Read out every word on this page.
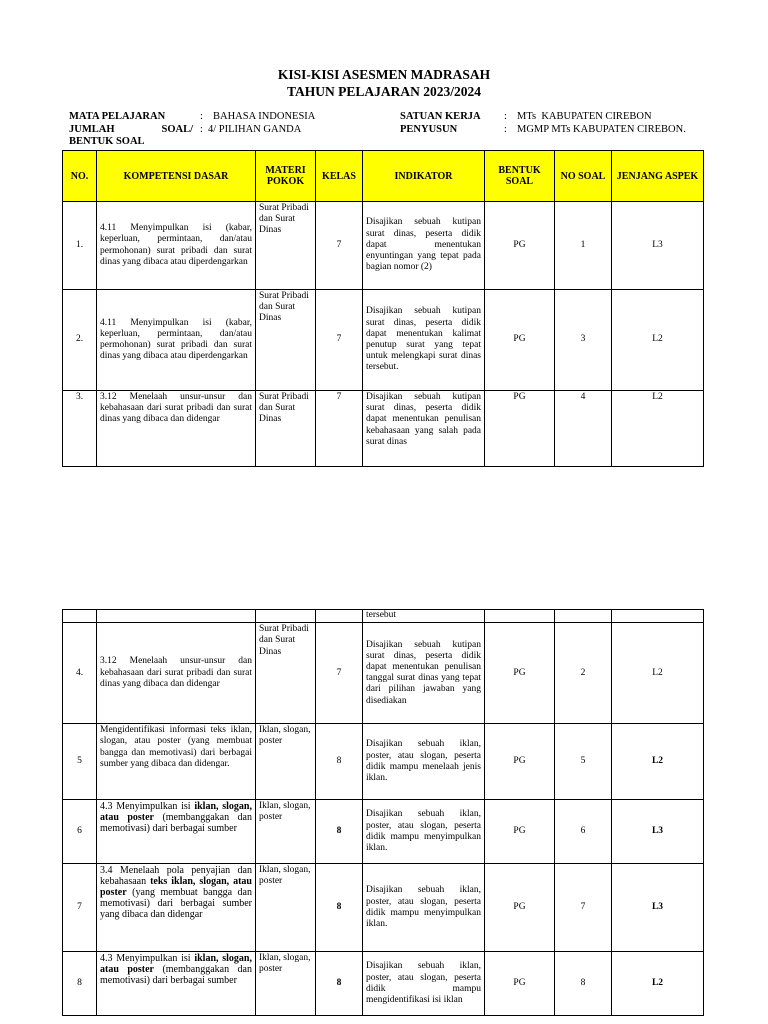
KISI-KISI ASESMEN MADRASAH
TAHUN PELAJARAN 2023/2024
MATA PELAJARAN	: BAHASA INDONESIA
JUMLAH SOAL/ : 4/ PILIHAN GANDA
BENTUK SOAL
SATUAN KERJA : MTs  KABUPATEN CIREBON
PENYUSUN	: MGMP MTs KABUPATEN CIREBON.
NO.	KOMPETENSI DASAR	MATERI POKOK	KELAS	INDIKATOR	BENTUK SOAL	NO SOAL	JENJANG ASPEK
1.	4.11 Menyimpulkan isi (kabar, keperluan, permintaan, dan/atau permohonan) surat pribadi dan surat dinas yang dibaca atau diperdengarkan	Surat Pribadi dan Surat Dinas	7	Disajikan sebuah kutipan surat dinas, peserta didik dapat menentukan enyuntingan yang tepat pada bagian nomor (2)	PG	1	L3
2.	4.11 Menyimpulkan isi (kabar, keperluan, permintaan, dan/atau permohonan) surat pribadi dan surat dinas yang dibaca atau diperdengarkan	Surat Pribadi dan Surat Dinas	7	Disajikan sebuah kutipan surat dinas, peserta didik dapat menentukan kalimat penutup surat yang tepat untuk melengkapi surat dinas tersebut.	PG	3	L2
3.	3.12 Menelaah unsur-unsur dan kebahasaan dari surat pribadi dan surat dinas yang dibaca dan didengar	Surat Pribadi dan Surat Dinas	7	Disajikan sebuah kutipan surat dinas, peserta didik dapat menentukan penulisan kebahasaan yang salah pada surat dinas	PG	4	L2
				tersebut			
4.	3.12 Menelaah unsur-unsur dan kebahasaan dari surat pribadi dan surat dinas yang dibaca dan didengar	Surat Pribadi dan Surat Dinas	7	Disajikan sebuah kutipan surat dinas, peserta didik dapat menentukan penulisan tanggal surat dinas yang tepat dari pilihan jawaban yang disediakan	PG	2	L2
5	Mengidentifikasi informasi teks iklan, slogan, atau poster (yang membuat bangga dan memotivasi) dari berbagai sumber yang dibaca dan didengar.	Iklan, slogan, poster	8	Disajikan sebuah iklan, poster, atau slogan, peserta didik mampu menelaah jenis iklan.	PG	5	L2
6	4.3 Menyimpulkan isi iklan, slogan, atau poster (membanggakan dan memotivasi) dari berbagai sumber	Iklan, slogan, poster	8	Disajikan sebuah iklan, poster, atau slogan, peserta didik mampu menyimpulkan iklan.	PG	6	L3
7	3.4 Menelaah pola penyajian dan kebahasaan teks iklan, slogan, atau poster (yang membuat bangga dan memotivasi) dari berbagai sumber yang dibaca dan didengar	Iklan, slogan, poster	8	Disajikan sebuah iklan, poster, atau slogan, peserta didik mampu menyimpulkan iklan.	PG	7	L3
8	4.3 Menyimpulkan isi iklan, slogan, atau poster (membanggakan dan memotivasi) dari berbagai sumber	Iklan, slogan, poster	8	Disajikan sebuah iklan, poster, atau slogan, peserta didik mampu mengidentifikasi isi iklan	PG	8	L2
